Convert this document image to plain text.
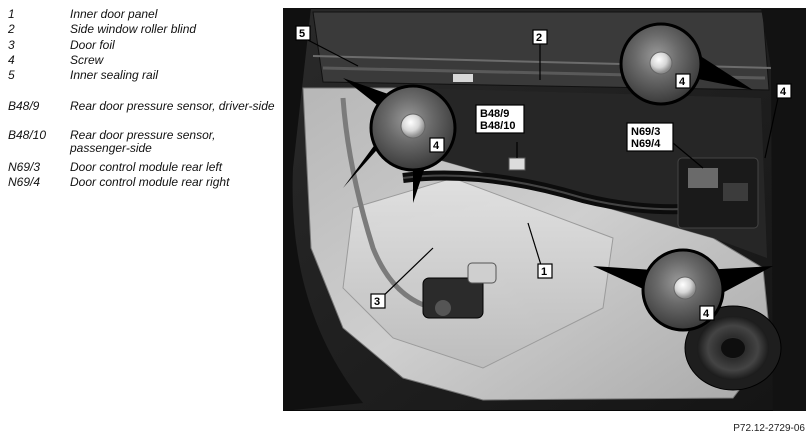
1	Inner door panel
2	Side window roller blind
3	Door foil
4	Screw
5	Inner sealing rail
B48/9	Rear door pressure sensor, driver-side
B48/10 Rear door pressure sensor, passenger-side
N69/3 Door control module rear left
N69/4 Door control module rear right
5	2
4
4
4
B48/9
B48/10	N69/3
N69/4
1
3
4
P72.12-2729-06
